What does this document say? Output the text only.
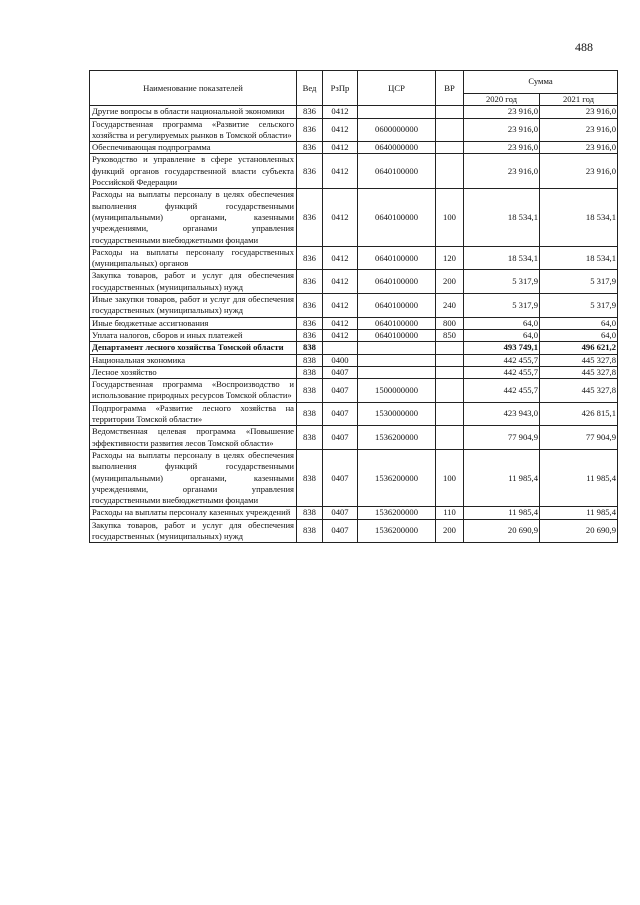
488
Наименование показателей	Вед	РзПр	ЦСР	ВР	Сумма	
					2020 год	2021 год
Другие вопросы в области национальной экономики	836	0412			23 916,0	23 916,0
Государственная программа «Развитие сельского хозяйства и регулируемых рынков в Томской области»	836	0412	0600000000		23 916,0	23 916,0
Обеспечивающая подпрограмма	836	0412	0640000000		23 916,0	23 916,0
Руководство и управление в сфере установленных функций органов государственной власти субъекта Российской Федерации	836	0412	0640100000		23 916,0	23 916,0
Расходы на выплаты персоналу в целях обеспечения выполнения функций государственными (муниципальными) органами, казенными учреждениями, органами управления государственными внебюджетными фондами	836	0412	0640100000	100	18 534,1	18 534,1
Расходы на выплаты персоналу государственных (муниципальных) органов	836	0412	0640100000	120	18 534,1	18 534,1
Закупка товаров, работ и услуг для обеспечения государственных (муниципальных) нужд	836	0412	0640100000	200	5 317,9	5 317,9
Иные закупки товаров, работ и услуг для обеспечения государственных (муниципальных) нужд	836	0412	0640100000	240	5 317,9	5 317,9
Иные бюджетные ассигнования	836	0412	0640100000	800	64,0	64,0
Уплата налогов, сборов и иных платежей	836	0412	0640100000	850	64,0	64,0
Департамент лесного хозяйства Томской области	838				493 749,1	496 621,2
Национальная экономика	838	0400			442 455,7	445 327,8
Лесное хозяйство	838	0407			442 455,7	445 327,8
Государственная программа «Воспроизводство и использование природных ресурсов Томской области»	838	0407	1500000000		442 455,7	445 327,8
Подпрограмма «Развитие лесного хозяйства на территории Томской области»	838	0407	1530000000		423 943,0	426 815,1
Ведомственная целевая программа «Повышение эффективности развития лесов Томской области»	838	0407	1536200000		77 904,9	77 904,9
Расходы на выплаты персоналу в целях обеспечения выполнения функций государственными (муниципальными) органами, казенными учреждениями, органами управления государственными внебюджетными фондами	838	0407	1536200000	100	11 985,4	11 985,4
Расходы на выплаты персоналу казенных учреждений	838	0407	1536200000	110	11 985,4	11 985,4
Закупка товаров, работ и услуг для обеспечения государственных (муниципальных) нужд	838	0407	1536200000	200	20 690,9	20 690,9
